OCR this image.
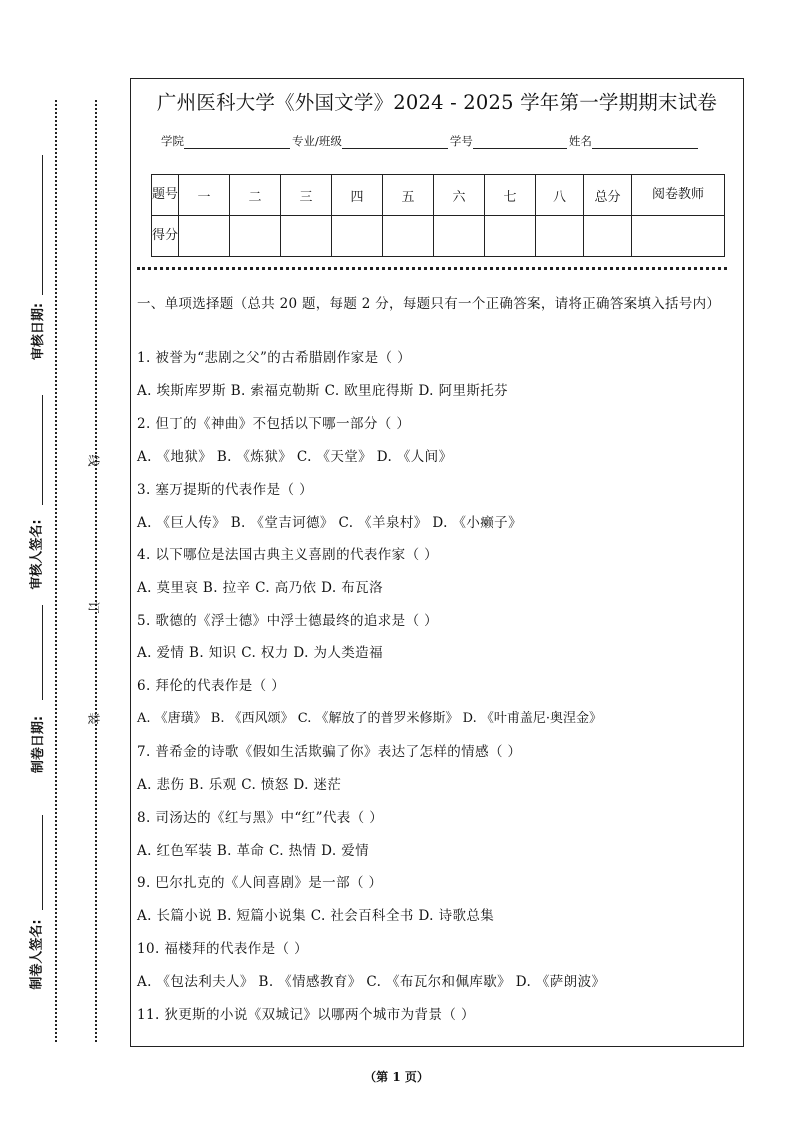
审核日期:
审核人签名:
制卷日期:
制卷人签名:
线
订
装
广州医科大学《外国文学》2024 - 2025 学年第一学期期末试卷
学院	专业/班级	学号	姓名
题号	一	二	三	四	五	六	七	八	总分	阅卷教师
得分										
一、单项选择题（总共 20 题，每题 2 分，每题只有一个正确答案，请将正确答案填入括号内）
1. 被誉为“悲剧之父”的古希腊剧作家是（ ）
A. 埃斯库罗斯 B. 索福克勒斯 C. 欧里庇得斯 D. 阿里斯托芬
2. 但丁的《神曲》不包括以下哪一部分（ ）
A. 《地狱》 B. 《炼狱》 C. 《天堂》 D. 《人间》
3. 塞万提斯的代表作是（ ）
A. 《巨人传》 B. 《堂吉诃德》 C. 《羊泉村》 D. 《小癞子》
4. 以下哪位是法国古典主义喜剧的代表作家（ ）
A. 莫里哀 B. 拉辛 C. 高乃依 D. 布瓦洛
5. 歌德的《浮士德》中浮士德最终的追求是（ ）
A. 爱情 B. 知识 C. 权力 D. 为人类造福
6. 拜伦的代表作是（ ）
A. 《唐璜》 B. 《西风颂》 C. 《解放了的普罗米修斯》 D. 《叶甫盖尼·奥涅金》
7. 普希金的诗歌《假如生活欺骗了你》表达了怎样的情感（ ）
A. 悲伤 B. 乐观 C. 愤怒 D. 迷茫
8. 司汤达的《红与黑》中“红”代表（ ）
A. 红色军装 B. 革命 C. 热情 D. 爱情
9. 巴尔扎克的《人间喜剧》是一部（ ）
A. 长篇小说 B. 短篇小说集 C. 社会百科全书 D. 诗歌总集
10. 福楼拜的代表作是（ ）
A. 《包法利夫人》 B. 《情感教育》 C. 《布瓦尔和佩库歇》 D. 《萨朗波》
11. 狄更斯的小说《双城记》以哪两个城市为背景（ ）
（第 1 页）
